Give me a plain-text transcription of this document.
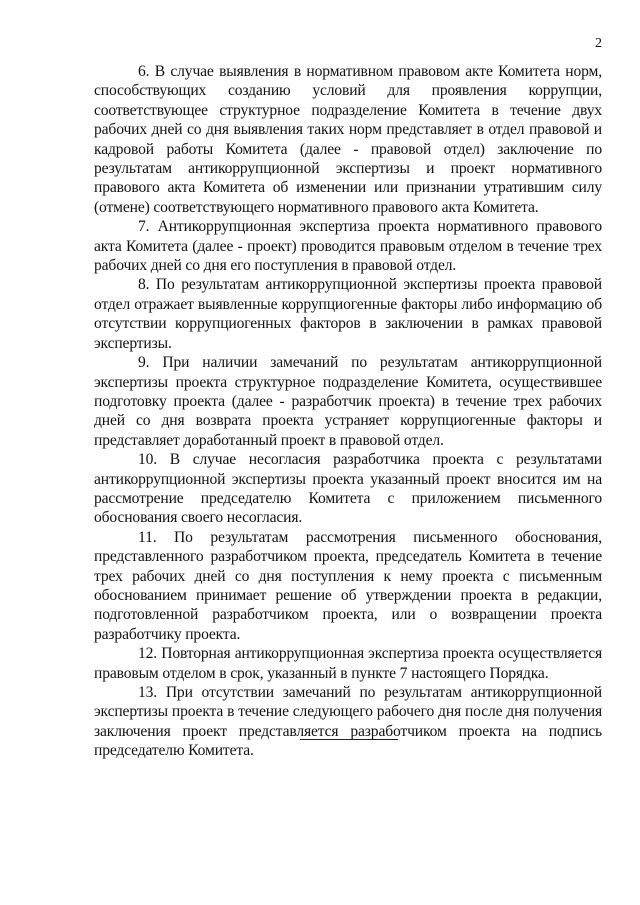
2

6. В случае выявления в нормативном правовом акте Комитета норм, способствующих созданию условий для проявления коррупции, соответствующее структурное подразделение Комитета в течение двух рабочих дней со дня выявления таких норм представляет в отдел правовой и кадровой работы Комитета (далее - правовой отдел) заключение по результатам антикоррупционной экспертизы и проект нормативного правового акта Комитета об изменении или признании утратившим силу (отмене) соответствующего нормативного правового акта Комитета.

7. Антикоррупционная экспертиза проекта нормативного правового акта Комитета (далее - проект) проводится правовым отделом в течение трех рабочих дней со дня его поступления в правовой отдел.

8. По результатам антикоррупционной экспертизы проекта правовой отдел отражает выявленные коррупциогенные факторы либо информацию об отсутствии коррупциогенных факторов в заключении в рамках правовой экспертизы.

9. При наличии замечаний по результатам антикоррупционной экспертизы проекта структурное подразделение Комитета, осуществившее подготовку проекта (далее - разработчик проекта) в течение трех рабочих дней со дня возврата проекта устраняет коррупциогенные факторы и представляет доработанный проект в правовой отдел.

10. В случае несогласия разработчика проекта с результатами антикоррупционной экспертизы проекта указанный проект вносится им на рассмотрение председателю Комитета с приложением письменного обоснования своего несогласия.

11. По результатам рассмотрения письменного обоснования, представленного разработчиком проекта, председатель Комитета в течение трех рабочих дней со дня поступления к нему проекта с письменным обоснованием принимает решение об утверждении проекта в редакции, подготовленной разработчиком проекта, или о возвращении проекта разработчику проекта.

12. Повторная антикоррупционная экспертиза проекта осуществляется правовым отделом в срок, указанный в пункте 7 настоящего Порядка.

13. При отсутствии замечаний по результатам антикоррупционной экспертизы проекта в течение следующего рабочего дня после дня получения заключения проект представляется разработчиком проекта на подпись председателю Комитета.
